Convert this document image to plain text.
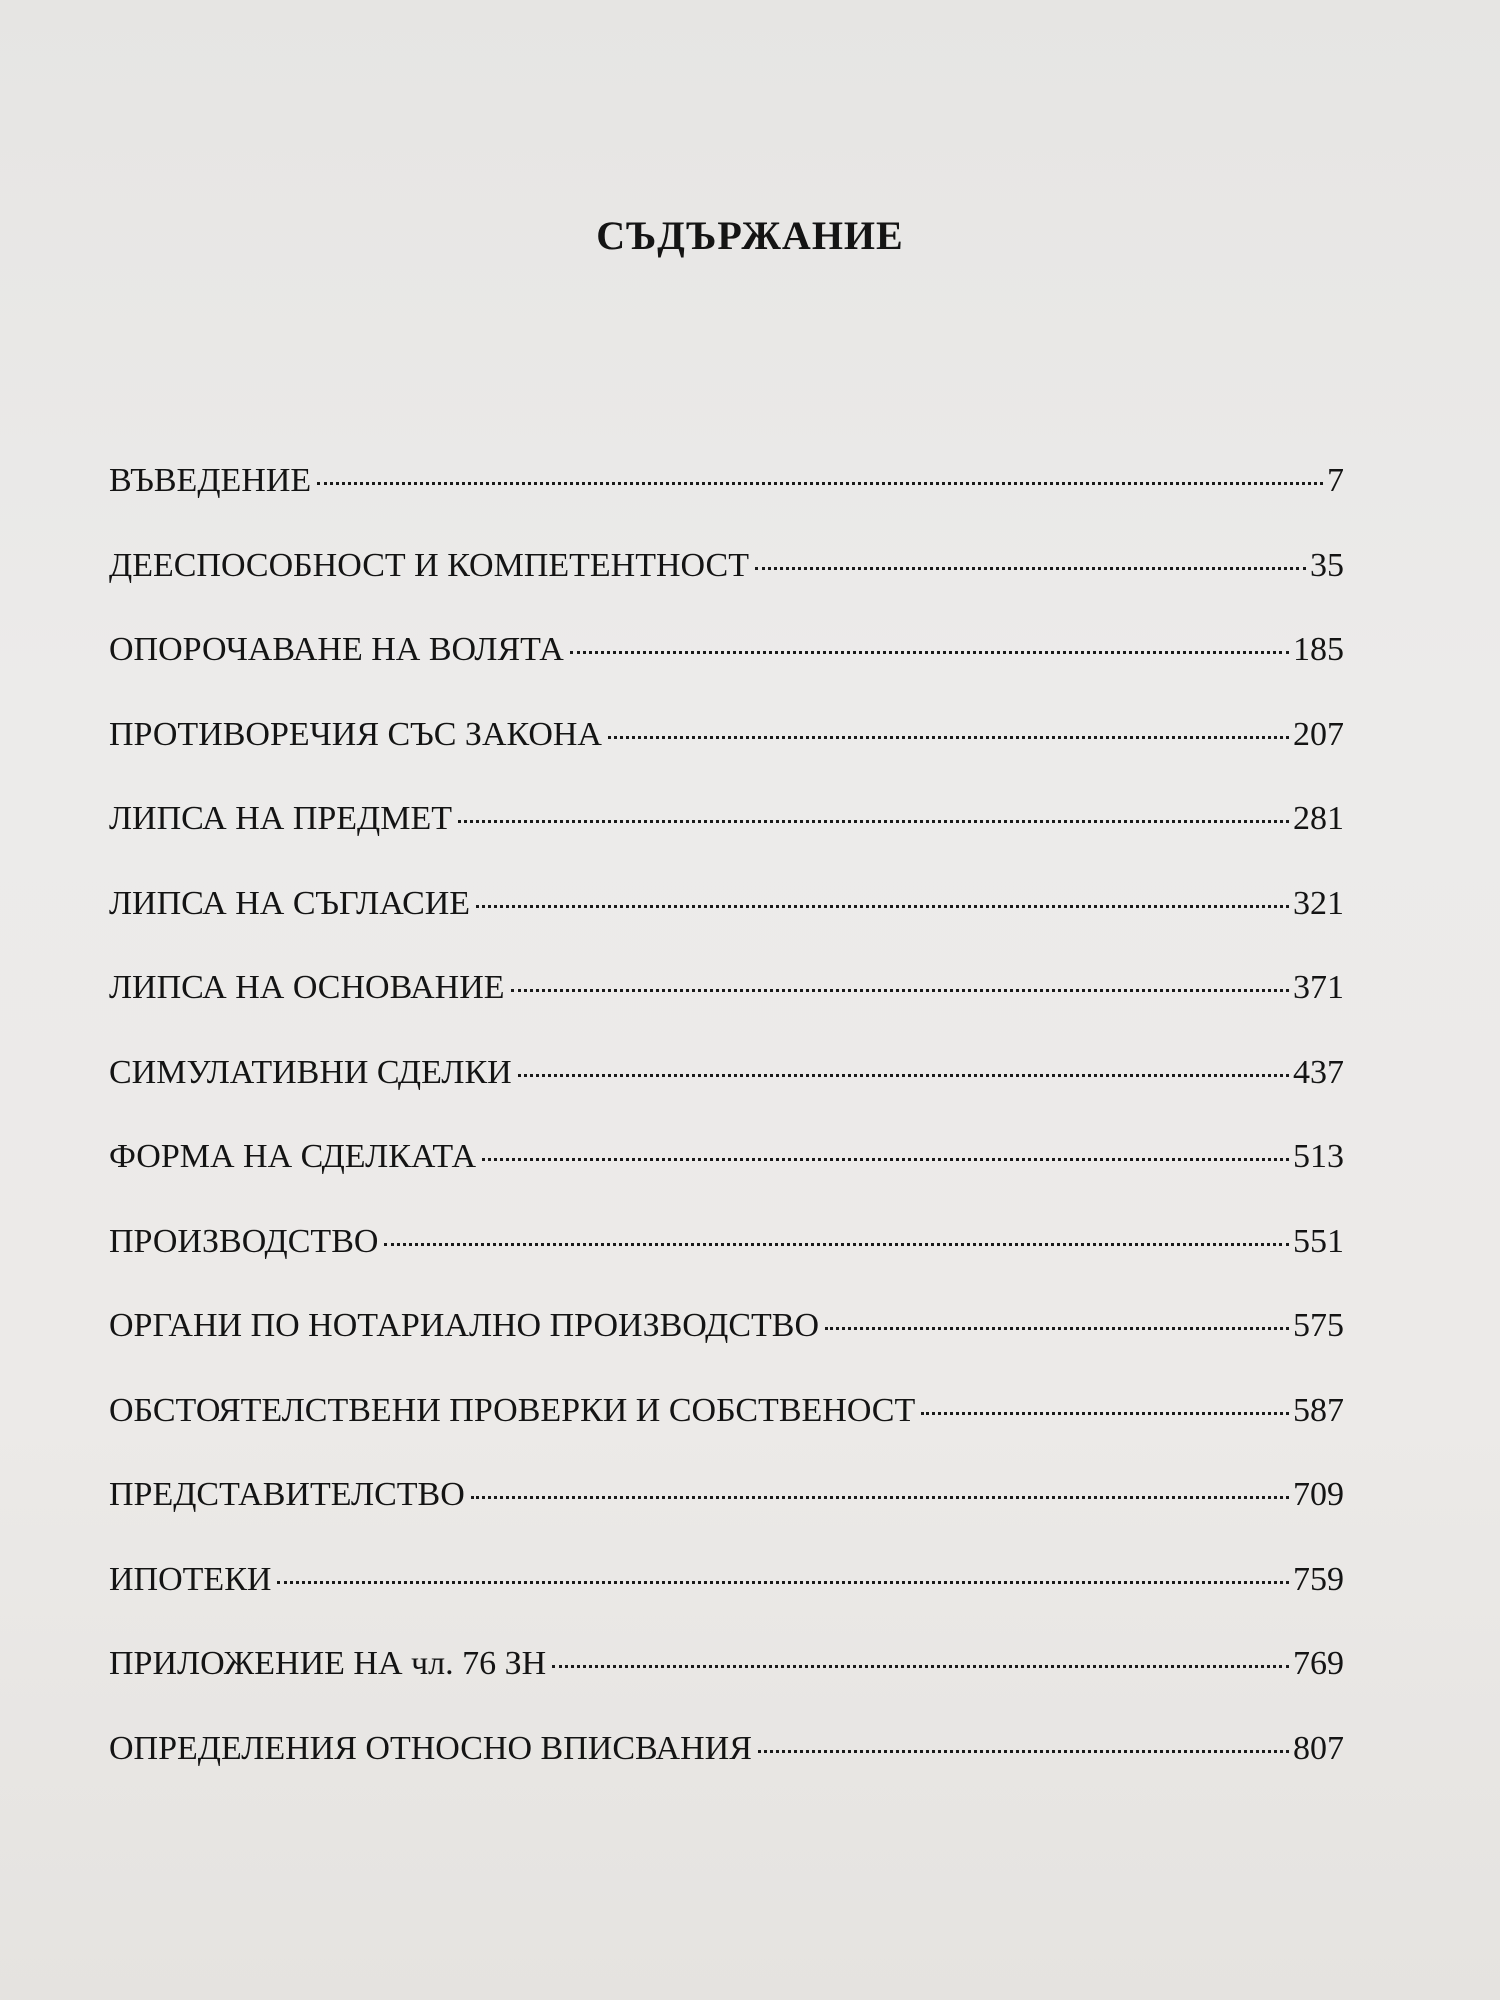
СЪДЪРЖАНИЕ
ВЪВЕДЕНИЕ	7
ДЕЕСПОСОБНОСТ И КОМПЕТЕНТНОСТ	35
ОПОРОЧАВАНЕ НА ВОЛЯТА	185
ПРОТИВОРЕЧИЯ СЪС ЗАКОНА	207
ЛИПСА НА ПРЕДМЕТ	281
ЛИПСА НА СЪГЛАСИЕ	321
ЛИПСА НА ОСНОВАНИЕ	371
СИМУЛАТИВНИ СДЕЛКИ	437
ФОРМА НА СДЕЛКАТА	513
ПРОИЗВОДСТВО	551
ОРГАНИ ПО НОТАРИАЛНО ПРОИЗВОДСТВО	575
ОБСТОЯТЕЛСТВЕНИ ПРОВЕРКИ И СОБСТВЕНОСТ	587
ПРЕДСТАВИТЕЛСТВО	709
ИПОТЕКИ	759
ПРИЛОЖЕНИЕ НА чл. 76 ЗН	769
ОПРЕДЕЛЕНИЯ ОТНОСНО ВПИСВАНИЯ	807
